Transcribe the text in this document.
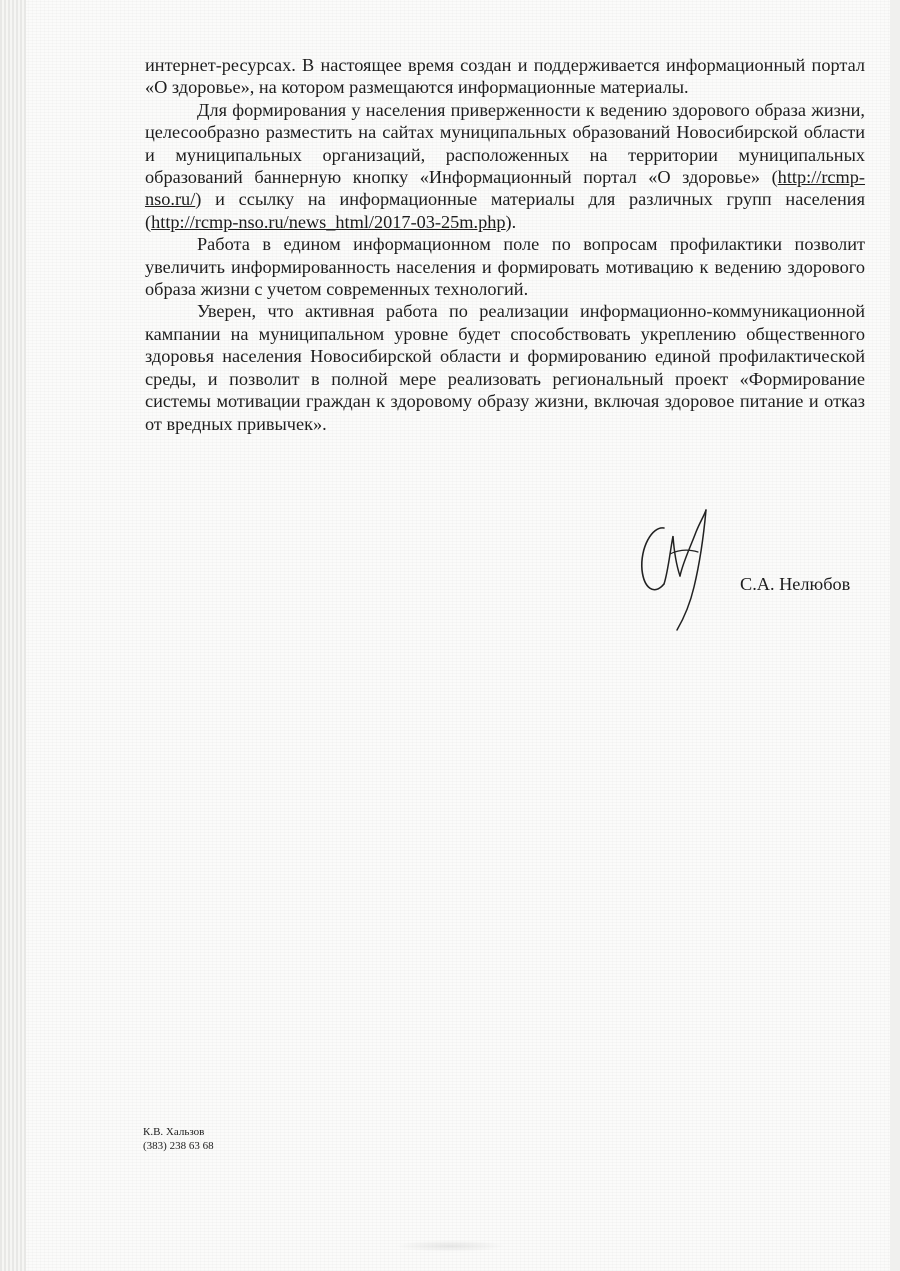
интернет-ресурсах. В настоящее время создан и поддерживается информационный портал «О здоровье», на котором размещаются информационные материалы.

Для формирования у населения приверженности к ведению здорового образа жизни, целесообразно разместить на сайтах муниципальных образований Новосибирской области и муниципальных организаций, расположенных на территории муниципальных образований баннерную кнопку «Информационный портал «О здоровье» (http://rcmp-nso.ru/) и ссылку на информационные материалы для различных групп населения (http://rcmp-nso.ru/news_html/2017-03-25m.php).

Работа в едином информационном поле по вопросам профилактики позволит увеличить информированность населения и формировать мотивацию к ведению здорового образа жизни с учетом современных технологий.

Уверен, что активная работа по реализации информационно-коммуникационной кампании на муниципальном уровне будет способствовать укреплению общественного здоровья населения Новосибирской области и формированию единой профилактической среды, и позволит в полной мере реализовать региональный проект «Формирование системы мотивации граждан к здоровому образу жизни, включая здоровое питание и отказ от вредных привычек».

С.А. Нелюбов
К.В. Хальзов
(383) 238 63 68
